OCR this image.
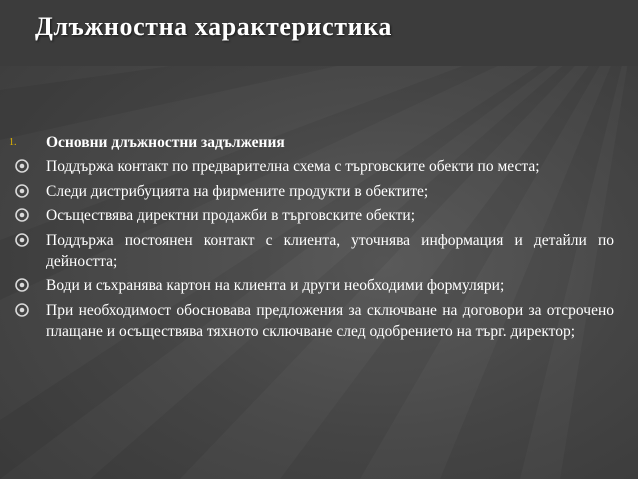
Длъжностна характеристика
1. Основни длъжностни задължения
Поддържа контакт по предварителна схема с търговските обекти по места;
Следи дистрибуцията на фирмените продукти в обектите;
Осъществява директни продажби в търговските обекти;
Поддържа постоянен контакт с клиента, уточнява информация и детайли по дейността;
Води и съхранява картон на клиента и други необходими формуляри;
При необходимост обосновава предложения за сключване на договори за отсрочено плащане и осъществява тяхното сключване след одобрението на търг. директор;
